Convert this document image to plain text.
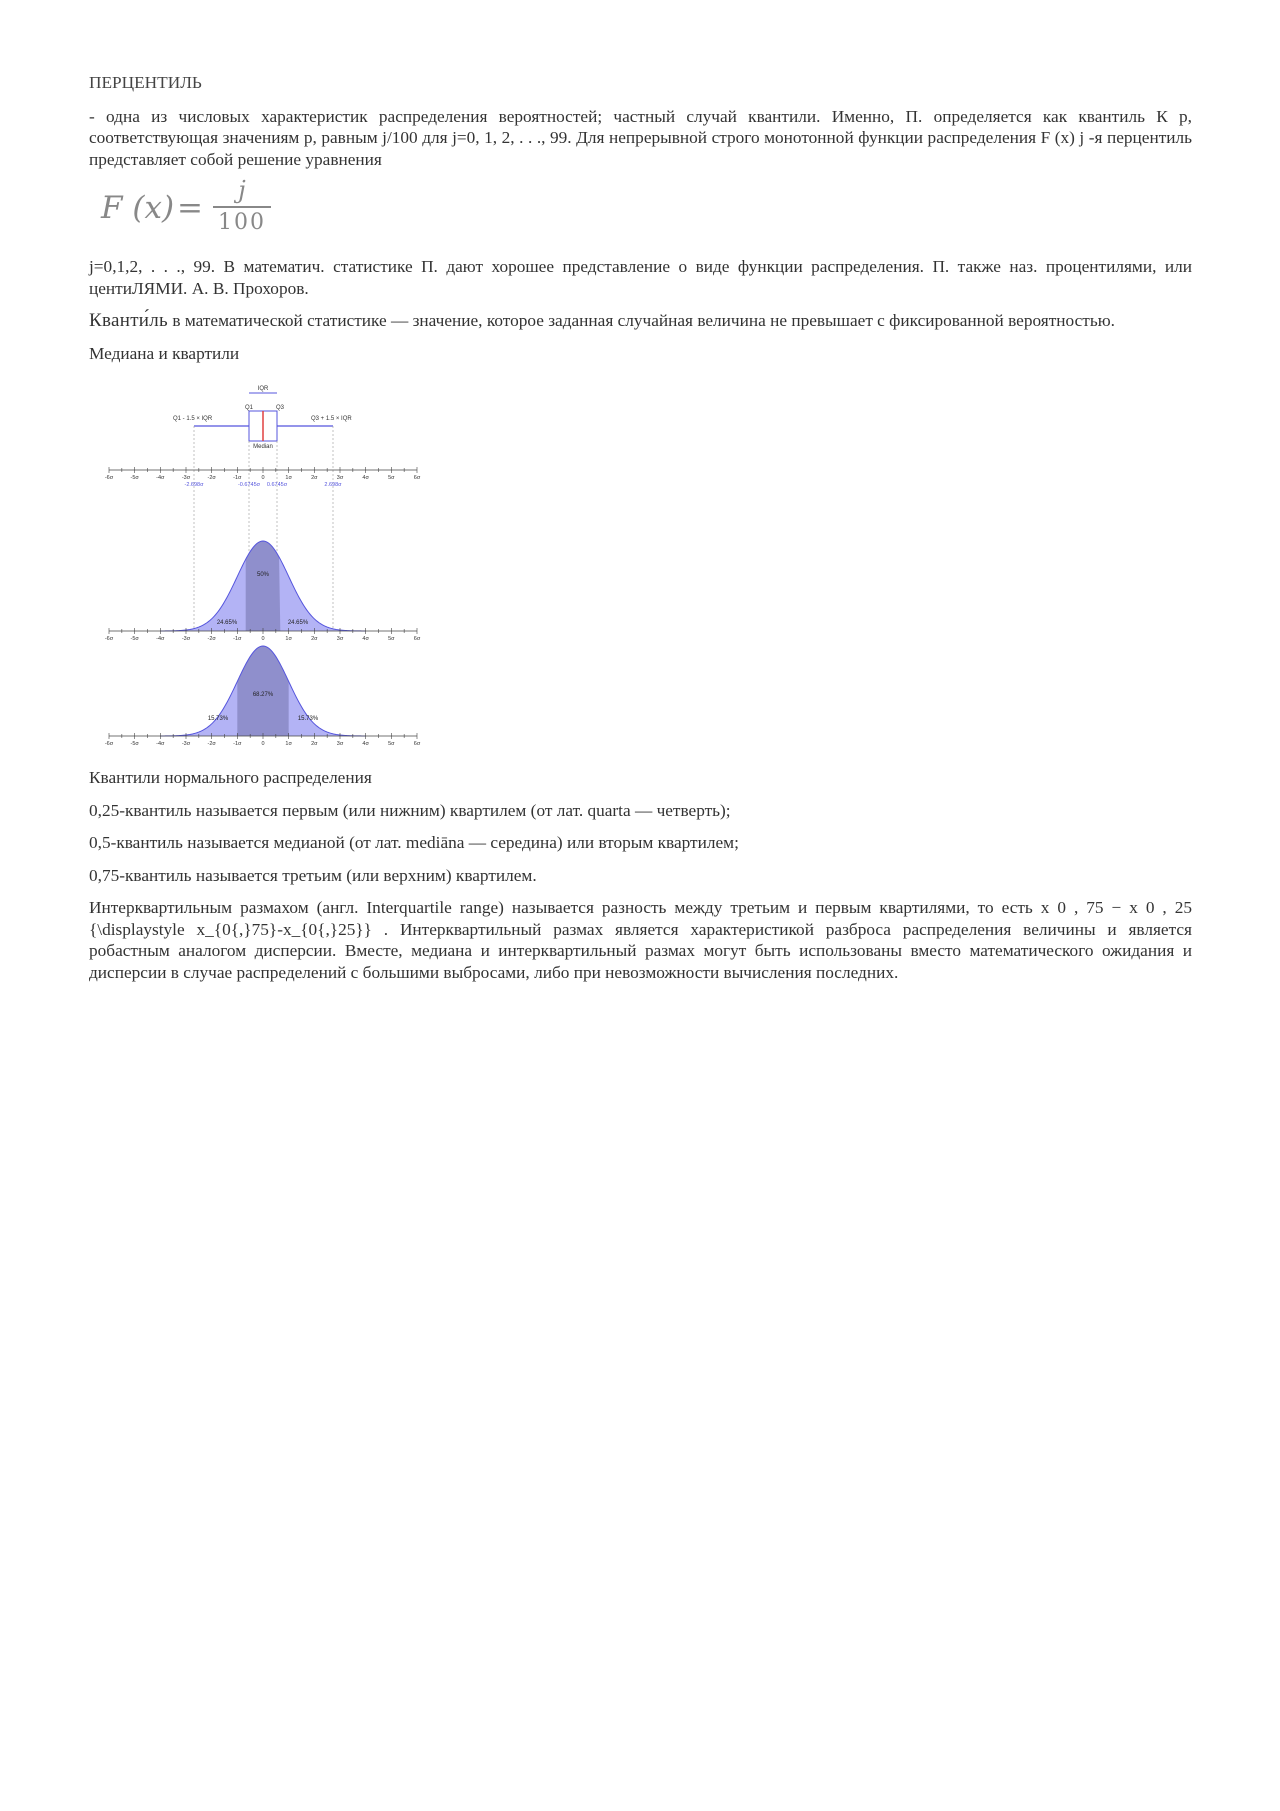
ПЕРЦЕНТИЛЬ

- одна из числовых характеристик распределения вероятностей; частный случай квантили. Именно, П. определяется как квантиль К р, соответствующая значениям р, равным j/100 для j=0, 1, 2, . . ., 99. Для непрерывной строго монотонной функции распределения F (x) j -я перцентиль представляет собой решение уравнения

F (x) =	j
100

j=0,1,2, . . ., 99. В математич. статистике П. дают хорошее представление о виде функции распределения. П. также наз. процентилями, или центиЛЯМИ. А. В. Прохоров.

Кванти́ль в математической статистике — значение, которое заданная случайная величина не превышает с фиксированной вероятностью.

Медиана и квартили

IQR
Q1	Q3
Q1 - 1.5 × IQR	Q3 + 1.5 × IQR
Median
-6σ	-5σ	-4σ	-3σ	-2σ	-1σ	0	1σ	2σ	3σ	4σ	5σ	6σ
-2.698σ	-0.6745σ 0.6745σ	2.698σ
50%
24.65%	24.65%
-6σ	-5σ	-4σ	-3σ	-2σ	-1σ	0	1σ	2σ	3σ	4σ	5σ	6σ
68.27%
15.73%	15.73%
-6σ	-5σ	-4σ	-3σ	-2σ	-1σ	0	1σ	2σ	3σ	4σ	5σ	6σ

Квантили нормального распределения

0,25-квантиль называется первым (или нижним) квартилем (от лат. quarta — четверть);

0,5-квантиль называется медианой (от лат. mediāna — середина) или вторым квартилем;

0,75-квантиль называется третьим (или верхним) квартилем.

Интерквартильным размахом (англ. Interquartile range) называется разность между третьим и первым квартилями, то есть x 0 , 75 − x 0 , 25 {\displaystyle x_{0{,}75}-x_{0{,}25}} . Интерквартильный размах является характеристикой разброса распределения величины и является робастным аналогом дисперсии. Вместе, медиана и интерквартильный размах могут быть использованы вместо математического ожидания и дисперсии в случае распределений с большими выбросами, либо при невозможности вычисления последних.
